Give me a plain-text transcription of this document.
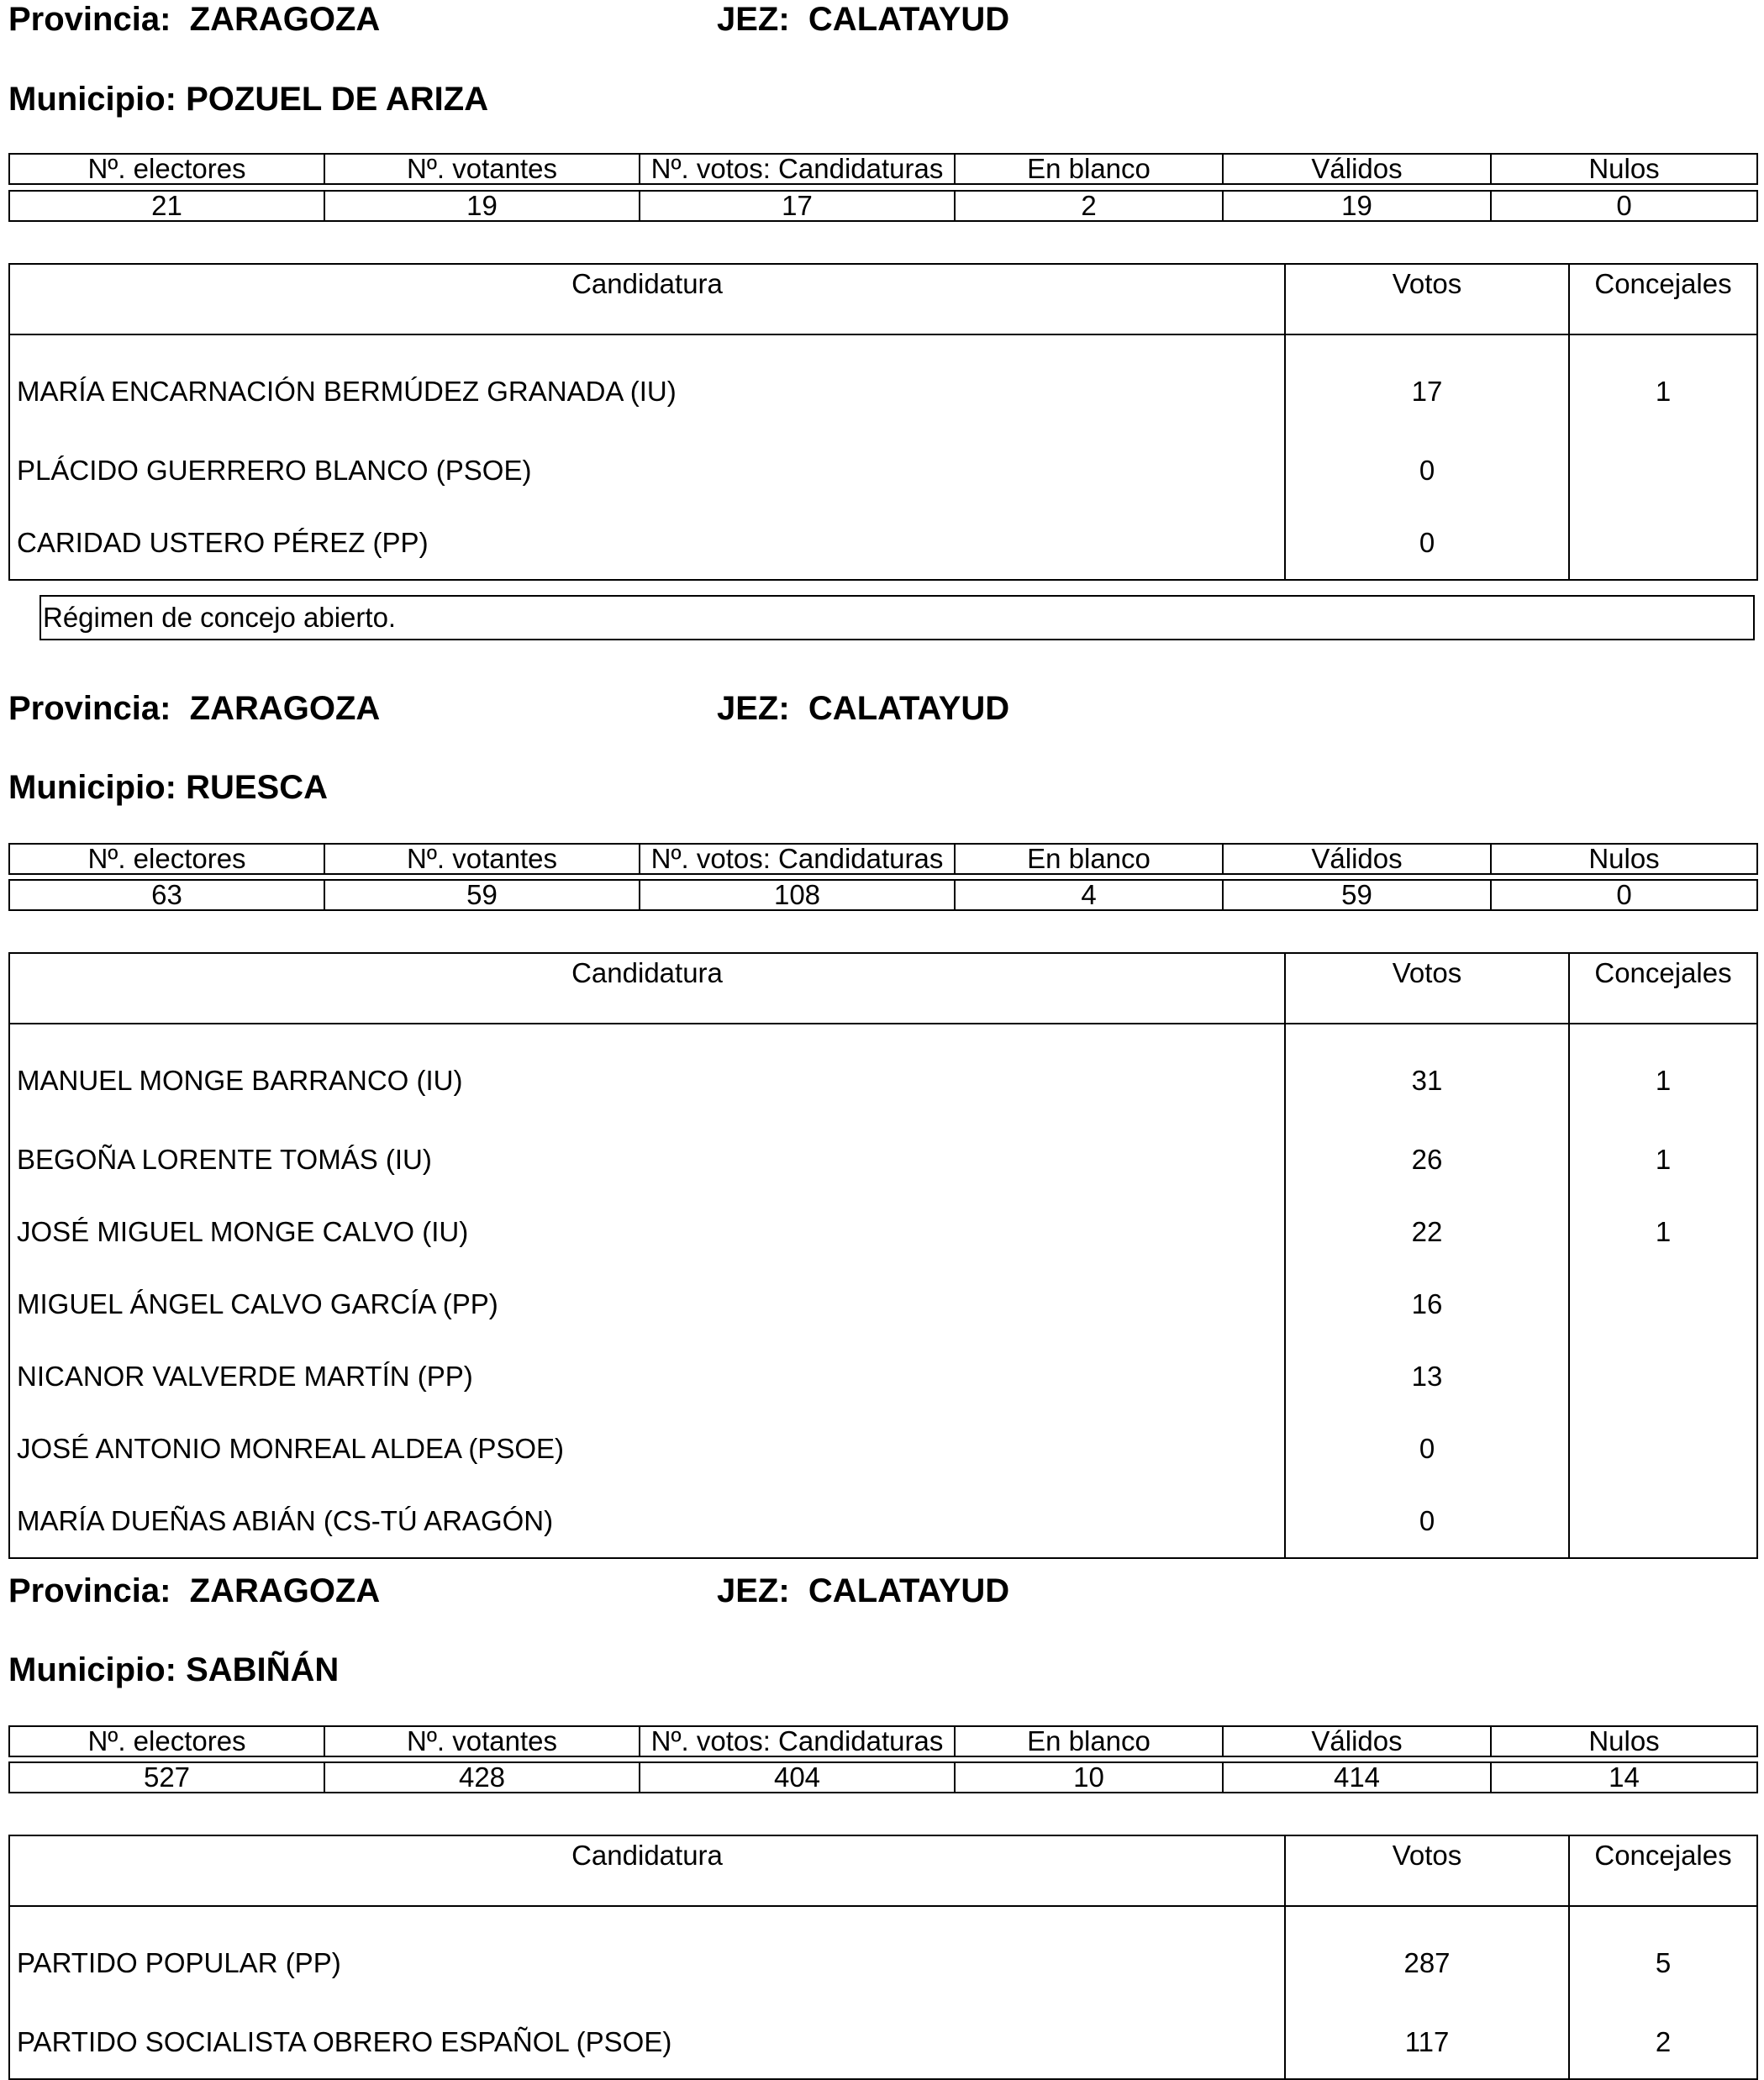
Provincia: ZARAGOZA	JEZ: CALATAYUD
Municipio: POZUEL DE ARIZA
Nº. electores	Nº. votantes	Nº. votos: Candidaturas	En blanco	Válidos	Nulos
21	19	17	2	19	0
Candidatura	Votos	Concejales
MARÍA ENCARNACIÓN BERMÚDEZ GRANADA (IU)	17	1
PLÁCIDO GUERRERO BLANCO (PSOE)	0	
CARIDAD USTERO PÉREZ (PP)	0	
Régimen de concejo abierto.
Provincia: ZARAGOZA	JEZ: CALATAYUD
Municipio: RUESCA
Nº. electores	Nº. votantes	Nº. votos: Candidaturas	En blanco	Válidos	Nulos
63	59	108	4	59	0
Candidatura	Votos	Concejales
MANUEL MONGE BARRANCO (IU)	31	1
BEGOÑA LORENTE TOMÁS (IU)	26	1
JOSÉ MIGUEL MONGE CALVO (IU)	22	1
MIGUEL ÁNGEL CALVO GARCÍA (PP)	16	
NICANOR VALVERDE MARTÍN (PP)	13	
JOSÉ ANTONIO MONREAL ALDEA (PSOE)	0	
MARÍA DUEÑAS ABIÁN (CS-TÚ ARAGÓN)	0	
Provincia: ZARAGOZA	JEZ: CALATAYUD
Municipio: SABIÑÁN
Nº. electores	Nº. votantes	Nº. votos: Candidaturas	En blanco	Válidos	Nulos
527	428	404	10	414	14
Candidatura	Votos	Concejales
PARTIDO POPULAR (PP)	287	5
PARTIDO SOCIALISTA OBRERO ESPAÑOL (PSOE)	117	2
